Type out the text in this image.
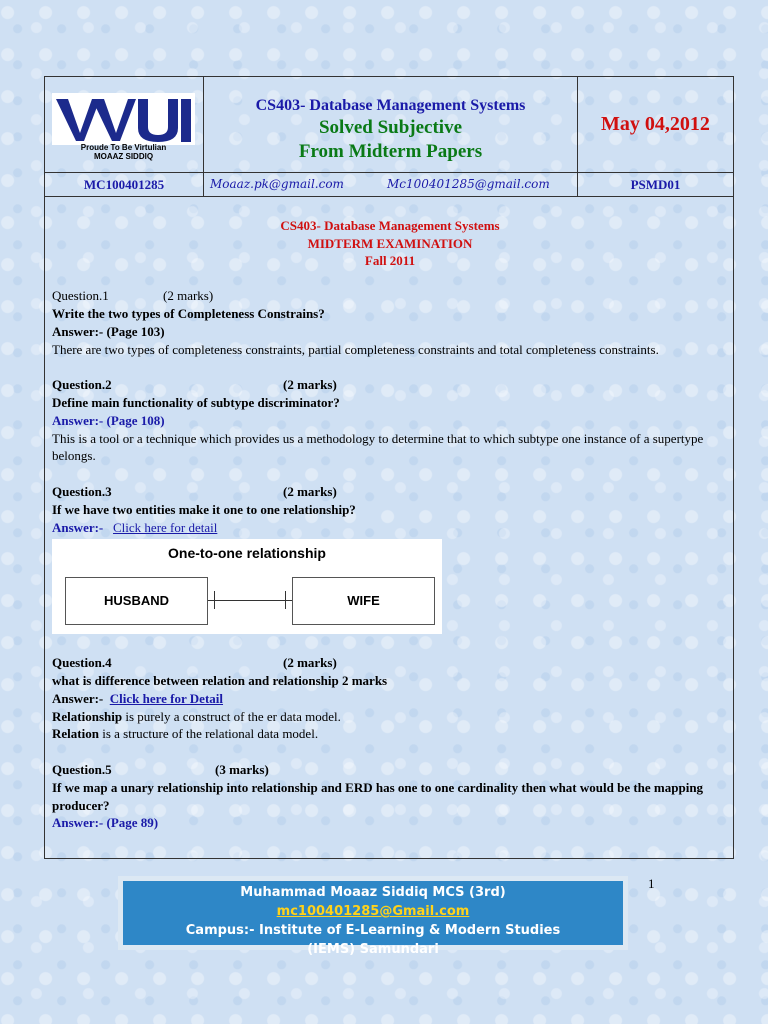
Proude To Be Virtulian
MOAAZ SIDDIQ
CS403- Database Management Systems
Solved Subjective
From Midterm Papers
May 04,2012
MC100401285	Moaaz.pk@gmail.com	Mc100401285@gmail.com	PSMD01
CS403- Database Management Systems
MIDTERM EXAMINATION
Fall 2011
Question.1	(2 marks)
Write the two types of Completeness Constrains?
Answer:- (Page 103)
There are two types of completeness constraints, partial completeness constraints and total completeness constraints.
Question.2	(2 marks)
Define main functionality of subtype discriminator?
Answer:- (Page 108)
This is a tool or a technique which provides us a methodology to determine that to which subtype one instance of a supertype belongs.
Question.3	(2 marks)
If we have two entities make it one to one relationship?
Answer:- Click here for detail
One-to-one relationship
HUSBAND	WIFE
Question.4	(2 marks)
what is difference between relation and relationship 2 marks
Answer:- Click here for Detail
Relationship is purely a construct of the er data model.
Relation is a structure of the relational data model.
Question.5	(3 marks)
If we map a unary relationship into relationship and ERD has one to one cardinality then what would be the mapping producer?
Answer:- (Page 89)
Muhammad Moaaz Siddiq MCS (3rd)
mc100401285@Gmail.com
Campus:- Institute of E-Learning & Modern Studies
(IEMS) Samundari
1
